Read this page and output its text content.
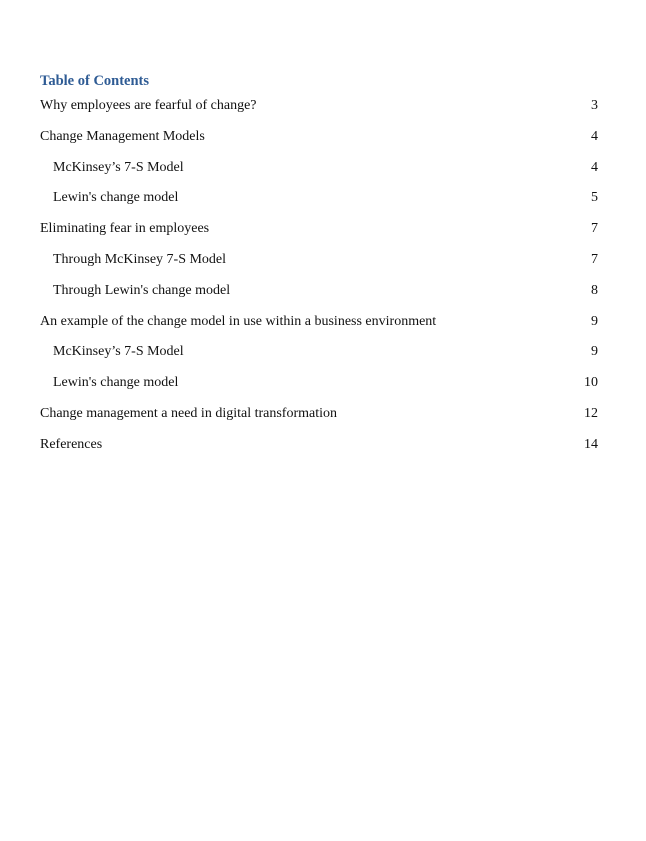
Table of Contents
Why employees are fearful of change?	3
Change Management Models	4
McKinsey’s 7-S Model	4
Lewin's change model	5
Eliminating fear in employees	7
Through McKinsey 7-S Model	7
Through Lewin's change model	8
An example of the change model in use within a business environment	9
McKinsey’s 7-S Model	9
Lewin's change model	10
Change management a need in digital transformation	12
References	14
